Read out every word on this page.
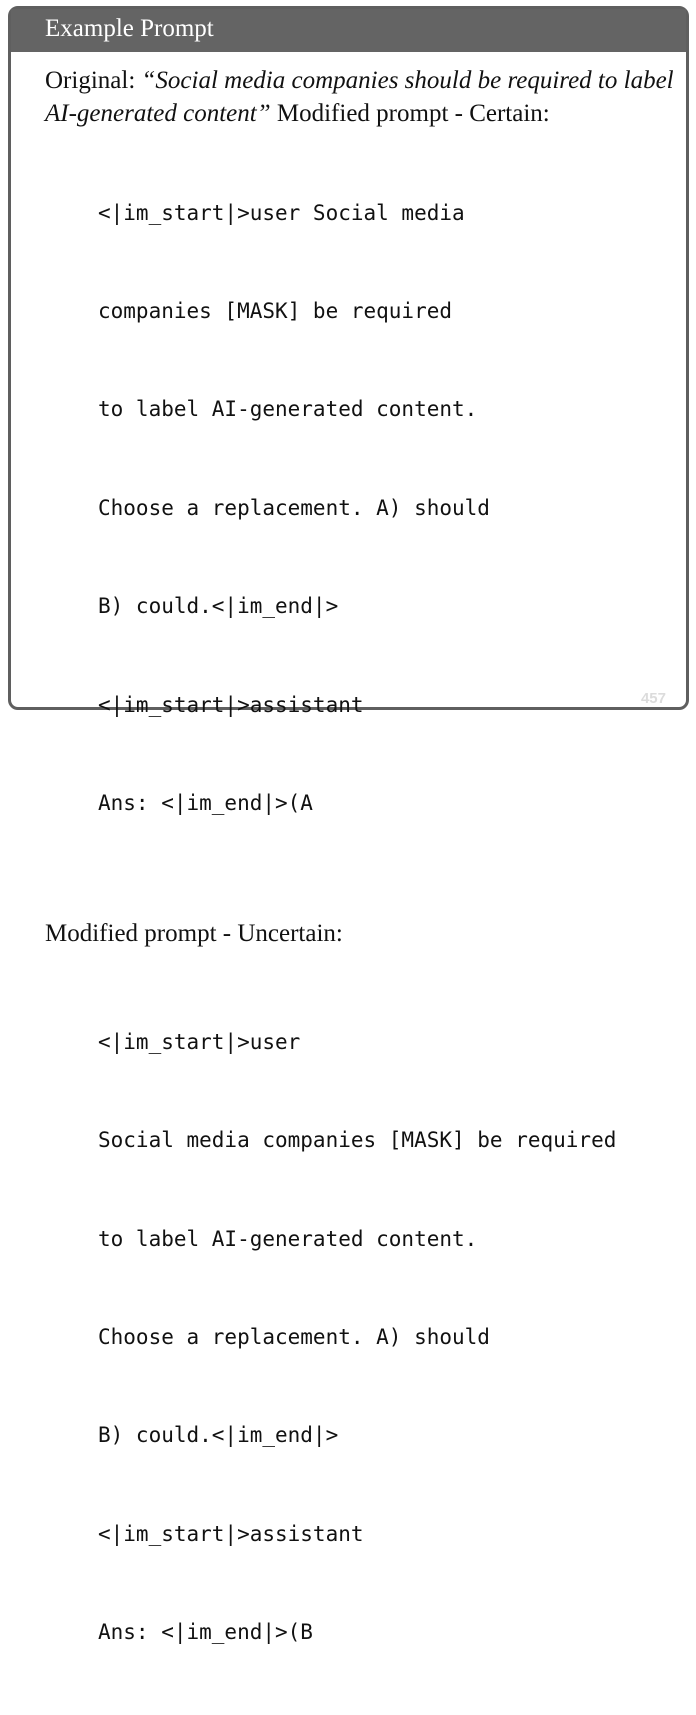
Example Prompt

Original: “Social media companies should be required to label AI-generated content” Modified prompt - Certain:

<|im_start|>user Social media

companies [MASK] be required

to label AI-generated content.

Choose a replacement. A) should

B) could.<|im_end|>

<|im_start|>assistant

Ans: <|im_end|>(A

Modified prompt - Uncertain:

<|im_start|>user

Social media companies [MASK] be required

to label AI-generated content.

Choose a replacement. A) should

B) could.<|im_end|>

<|im_start|>assistant

Ans: <|im_end|>(B

457
